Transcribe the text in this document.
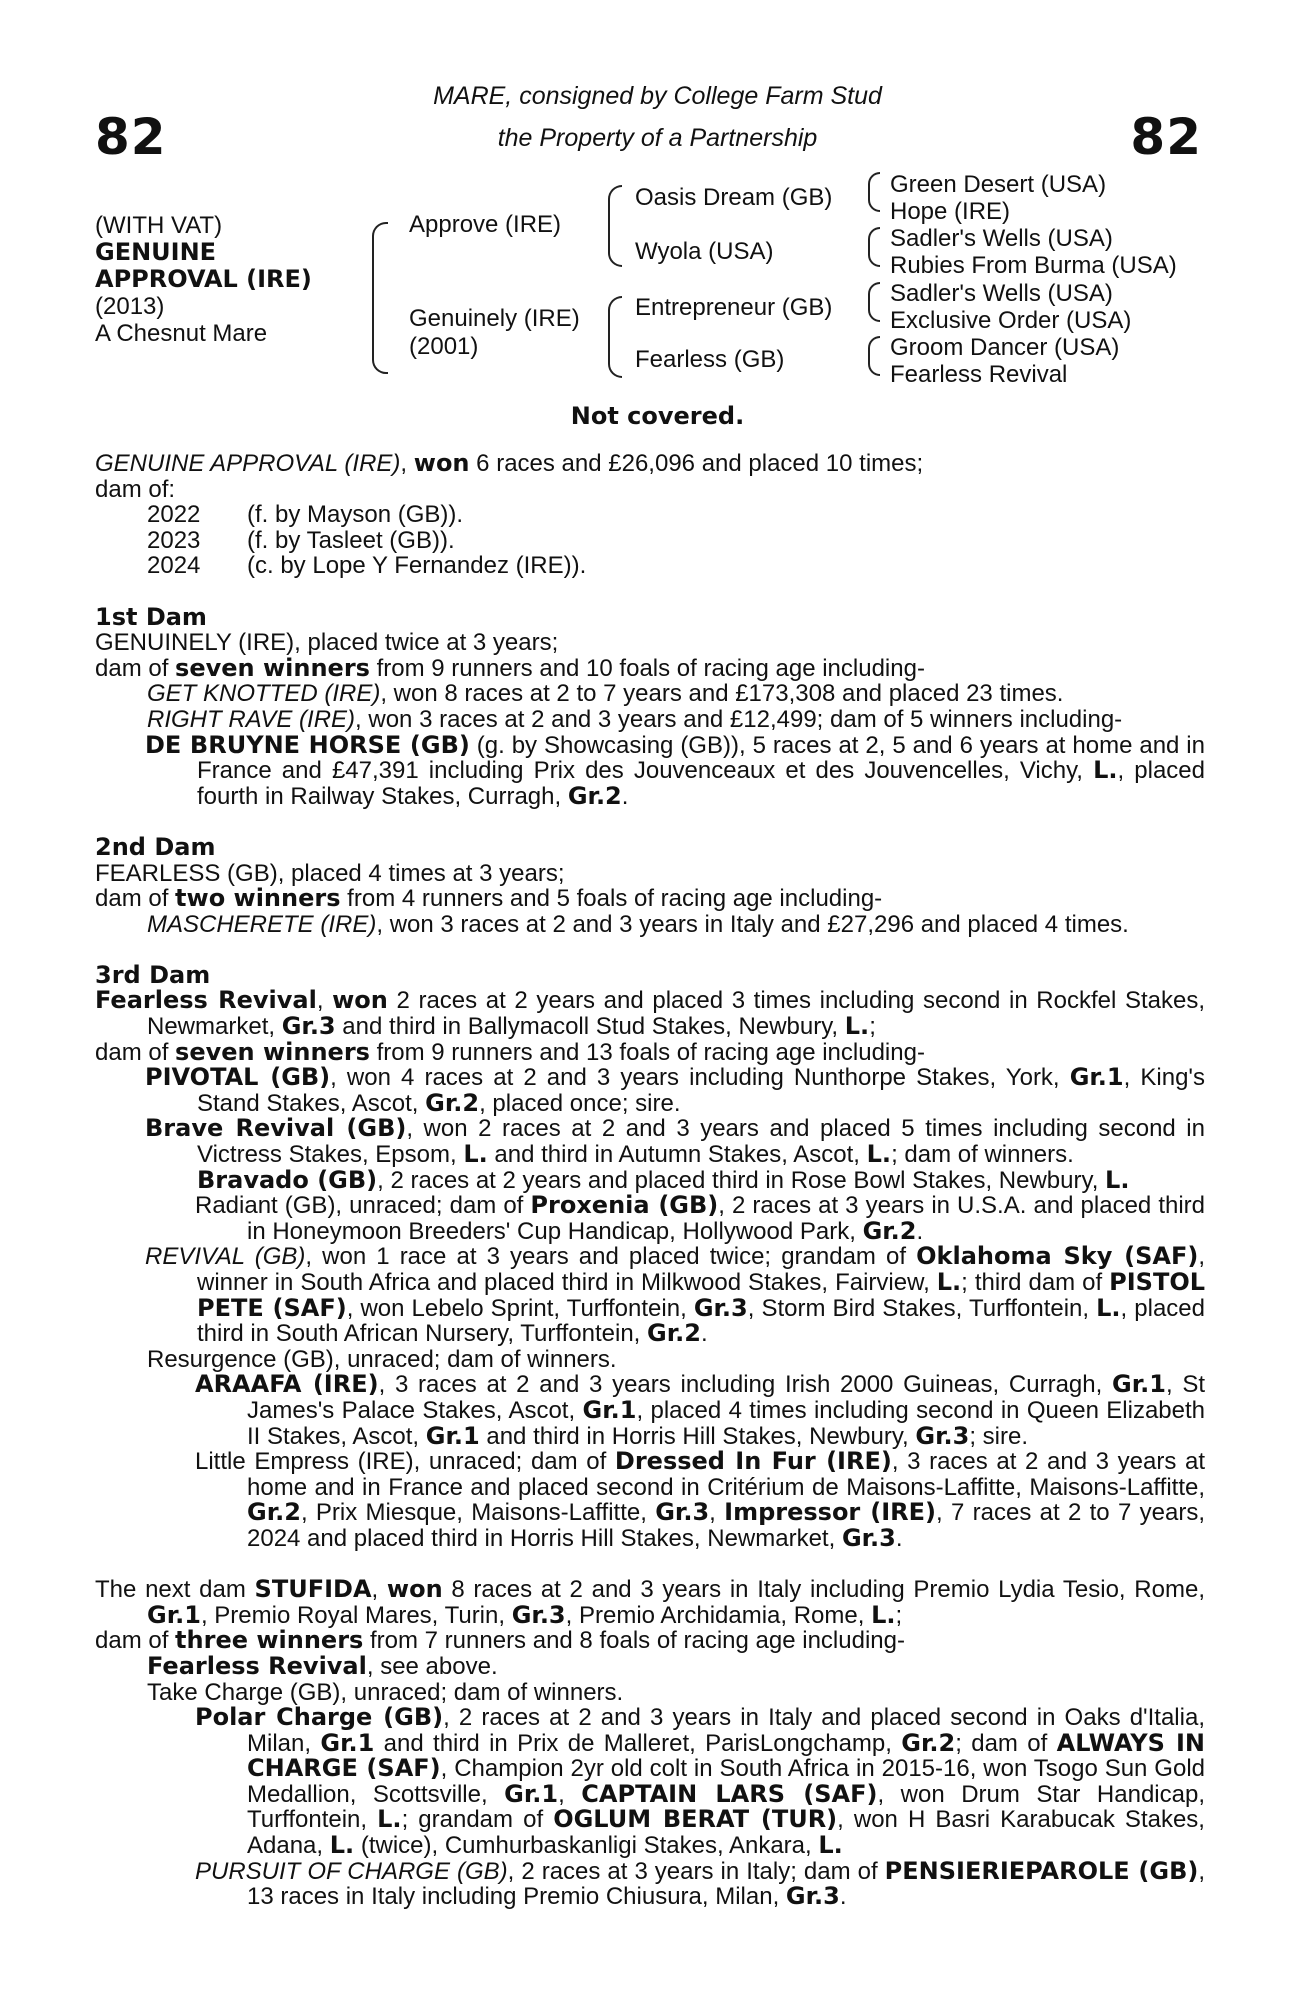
82	82
MARE, consigned by College Farm Stud
the Property of a Partnership
(WITH VAT)
GENUINE
APPROVAL (IRE)
(2013)
A Chesnut Mare
Approve (IRE)
Genuinely (IRE)
(2001)
Oasis Dream (GB)
Wyola (USA)
Entrepreneur (GB)
Fearless (GB)
Green Desert (USA)
Hope (IRE)
Sadler's Wells (USA)
Rubies From Burma (USA)
Sadler's Wells (USA)
Exclusive Order (USA)
Groom Dancer (USA)
Fearless Revival
Not covered.

GENUINE APPROVAL (IRE), won 6 races and £26,096 and placed 10 times;

dam of:

2022	(f. by Mayson (GB)).
2023	(f. by Tasleet (GB)).
2024	(c. by Lope Y Fernandez (IRE)).

1st Dam

GENUINELY (IRE), placed twice at 3 years;

dam of seven winners from 9 runners and 10 foals of racing age including-

GET KNOTTED (IRE), won 8 races at 2 to 7 years and £173,308 and placed 23 times.

RIGHT RAVE (IRE), won 3 races at 2 and 3 years and £12,499; dam of 5 winners including-

DE BRUYNE HORSE (GB) (g. by Showcasing (GB)), 5 races at 2, 5 and 6 years at home and in France and £47,391 including Prix des Jouvenceaux et des Jouvencelles, Vichy, L., placed fourth in Railway Stakes, Curragh, Gr.2.

2nd Dam

FEARLESS (GB), placed 4 times at 3 years;

dam of two winners from 4 runners and 5 foals of racing age including-

MASCHERETE (IRE), won 3 races at 2 and 3 years in Italy and £27,296 and placed 4 times.

3rd Dam

Fearless Revival, won 2 races at 2 years and placed 3 times including second in Rockfel Stakes, Newmarket, Gr.3 and third in Ballymacoll Stud Stakes, Newbury, L.;

dam of seven winners from 9 runners and 13 foals of racing age including-

PIVOTAL (GB), won 4 races at 2 and 3 years including Nunthorpe Stakes, York, Gr.1, King's Stand Stakes, Ascot, Gr.2, placed once; sire.

Brave Revival (GB), won 2 races at 2 and 3 years and placed 5 times including second in Victress Stakes, Epsom, L. and third in Autumn Stakes, Ascot, L.; dam of winners.

Bravado (GB), 2 races at 2 years and placed third in Rose Bowl Stakes, Newbury, L.

Radiant (GB), unraced; dam of Proxenia (GB), 2 races at 3 years in U.S.A. and placed third in Honeymoon Breeders' Cup Handicap, Hollywood Park, Gr.2.

REVIVAL (GB), won 1 race at 3 years and placed twice; grandam of Oklahoma Sky (SAF), winner in South Africa and placed third in Milkwood Stakes, Fairview, L.; third dam of PISTOL PETE (SAF), won Lebelo Sprint, Turffontein, Gr.3, Storm Bird Stakes, Turffontein, L., placed third in South African Nursery, Turffontein, Gr.2.

Resurgence (GB), unraced; dam of winners.

ARAAFA (IRE), 3 races at 2 and 3 years including Irish 2000 Guineas, Curragh, Gr.1, St James's Palace Stakes, Ascot, Gr.1, placed 4 times including second in Queen Elizabeth II Stakes, Ascot, Gr.1 and third in Horris Hill Stakes, Newbury, Gr.3; sire.

Little Empress (IRE), unraced; dam of Dressed In Fur (IRE), 3 races at 2 and 3 years at home and in France and placed second in Critérium de Maisons-Laffitte, Maisons-Laffitte, Gr.2, Prix Miesque, Maisons-Laffitte, Gr.3, Impressor (IRE), 7 races at 2 to 7 years, 2024 and placed third in Horris Hill Stakes, Newmarket, Gr.3.

The next dam STUFIDA, won 8 races at 2 and 3 years in Italy including Premio Lydia Tesio, Rome, Gr.1, Premio Royal Mares, Turin, Gr.3, Premio Archidamia, Rome, L.;

dam of three winners from 7 runners and 8 foals of racing age including-

Fearless Revival, see above.

Take Charge (GB), unraced; dam of winners.

Polar Charge (GB), 2 races at 2 and 3 years in Italy and placed second in Oaks d'Italia, Milan, Gr.1 and third in Prix de Malleret, ParisLongchamp, Gr.2; dam of ALWAYS IN CHARGE (SAF), Champion 2yr old colt in South Africa in 2015-16, won Tsogo Sun Gold Medallion, Scottsville, Gr.1, CAPTAIN LARS (SAF), won Drum Star Handicap, Turffontein, L.; grandam of OGLUM BERAT (TUR), won H Basri Karabucak Stakes, Adana, L. (twice), Cumhurbaskanligi Stakes, Ankara, L.

PURSUIT OF CHARGE (GB), 2 races at 3 years in Italy; dam of PENSIERIEPAROLE (GB), 13 races in Italy including Premio Chiusura, Milan, Gr.3.
